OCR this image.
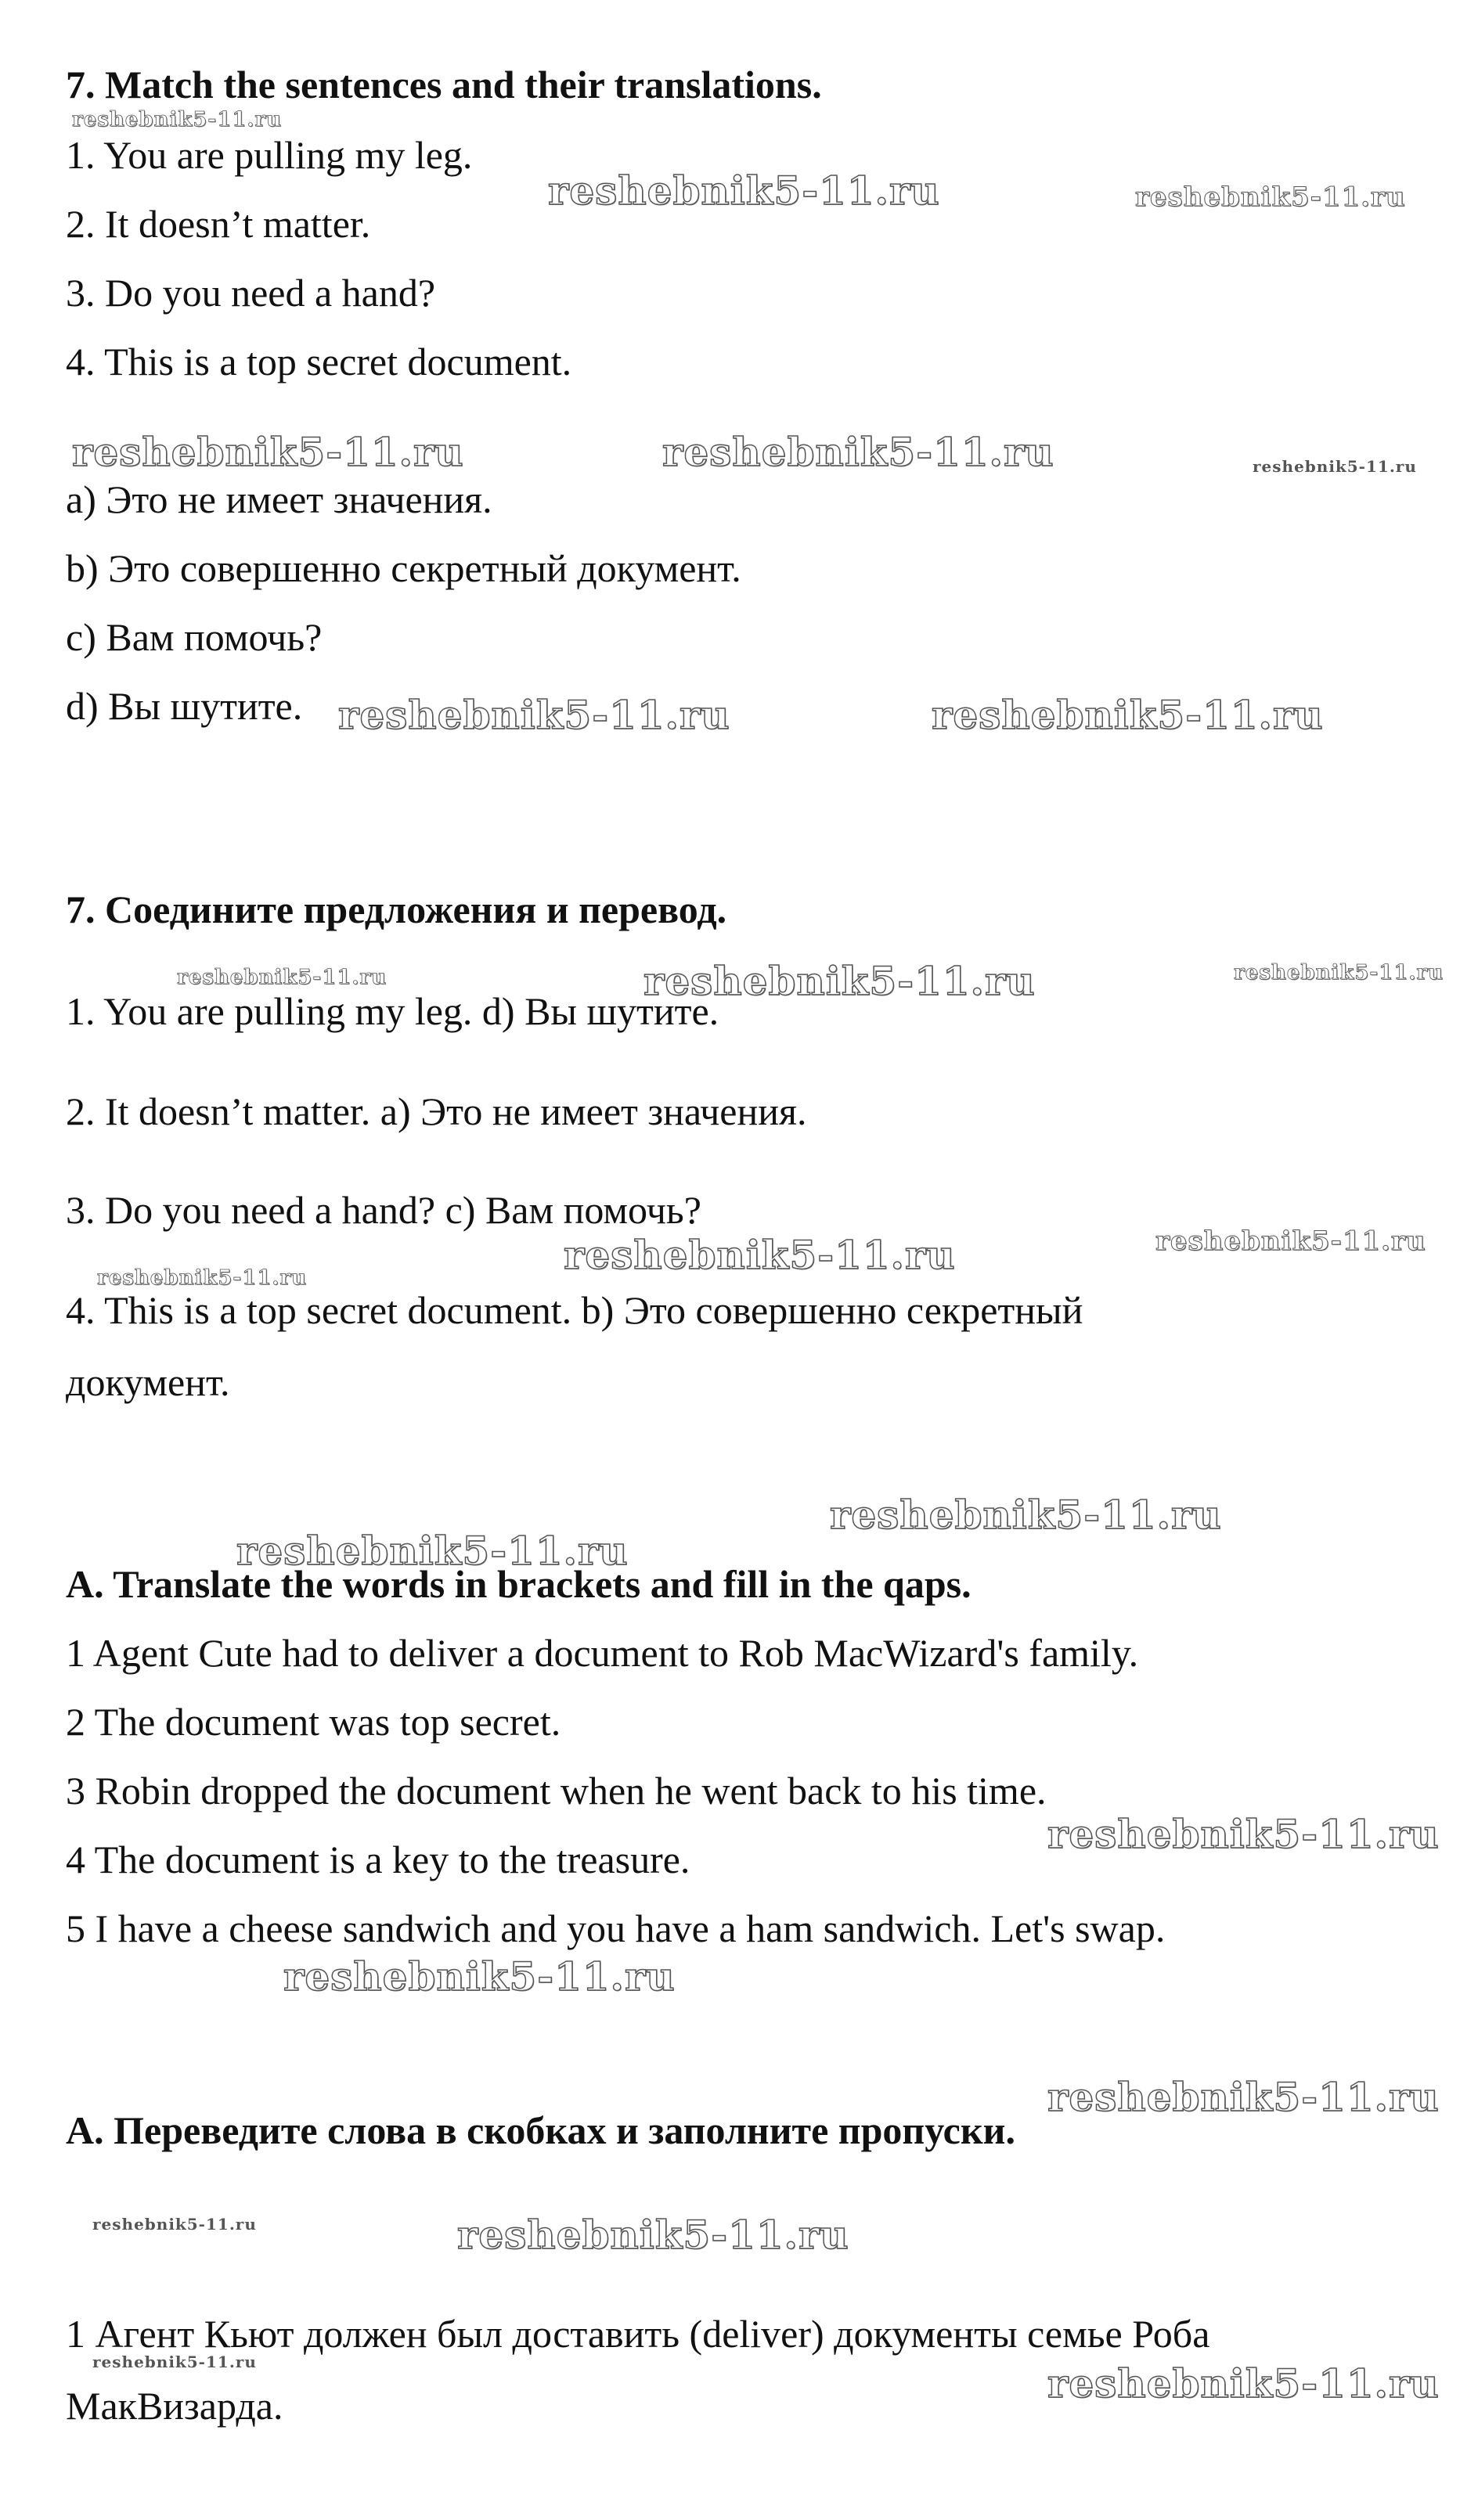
7. Match the sentences and their translations.
1. You are pulling my leg.
2. It doesn’t matter.
3. Do you need a hand?
4. This is a top secret document.
a) Это не имеет значения.
b) Это совершенно секретный документ.
c) Вам помочь?
d) Вы шутите.
7. Соедините предложения и перевод.
1. You are pulling my leg. d) Вы шутите.
2. It doesn’t matter. a) Это не имеет значения.
3. Do you need a hand? c) Вам помочь?
4. This is a top secret document. b) Это совершенно секретный
документ.
A. Translate the words in brackets and fill in the qaps.
1 Agent Cute had to deliver a document to Rob MacWizard's family.
2 The document was top secret.
3 Robin dropped the document when he went back to his time.
4 The document is a key to the treasure.
5 I have a cheese sandwich and you have a ham sandwich. Let's swap.
A. Переведите слова в скобках и заполните пропуски.
1 Агент Кьют должен был доставить (deliver) документы семье Роба
МакВизарда.
reshebnik5-11.ru
reshebnik5-11.ru	reshebnik5-11.ru
reshebnik5-11.ru	reshebnik5-11.ru	reshebnik5-11.ru
reshebnik5-11.ru	reshebnik5-11.ru
reshebnik5-11.ru	reshebnik5-11.ru	reshebnik5-11.ru
reshebnik5-11.ru
reshebnik5-11.ru
reshebnik5-11.ru
reshebnik5-11.ru
reshebnik5-11.ru
reshebnik5-11.ru
reshebnik5-11.ru
reshebnik5-11.ru
reshebnik5-11.ru	reshebnik5-11.ru
reshebnik5-11.ru	reshebnik5-11.ru
